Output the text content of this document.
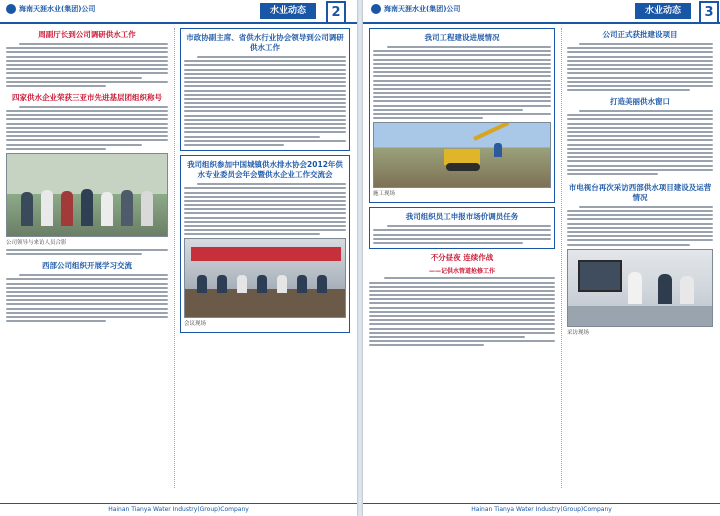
海南天涯水业(集团)公司	水业动态	2
周副厅长到公司调研供水工作
四家供水企业荣获三亚市先进基层团组织称号
公司领导与来访人员合影
西部公司组织开展学习交流
市政协副主席、省供水行业协会领导到公司调研供水工作
我司组织参加中国城镇供水排水协会2012年供水专业委员会年会暨供水企业工作交流会
会议现场
Hainan Tianya Water Industry(Group)Company
海南天涯水业(集团)公司	水业动态	3
我司工程建设进展情况
施工现场
我司组织员工申报市场价调员任务
不分昼夜 连续作战
——记供水管道抢修工作
公司正式获批建设项目
打造美丽供水窗口
市电视台再次采访西部供水项目建设及运营情况
采访现场
Hainan Tianya Water Industry(Group)Company
